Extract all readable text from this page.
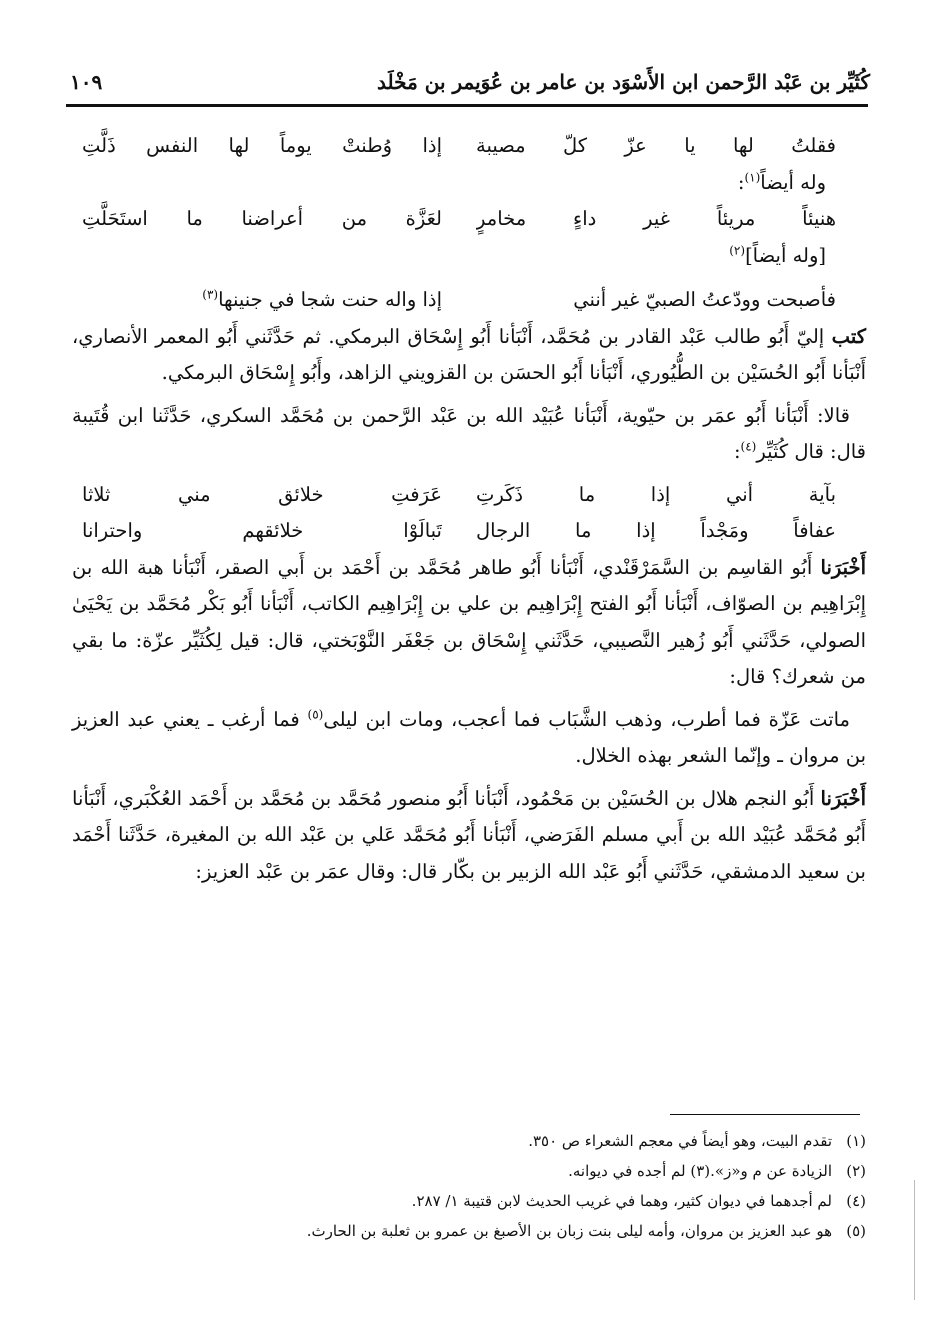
كُثَيِّر بن عَبْد الرَّحمن ابن الأَسْوَد بن عامر بن عُوَيمر بن مَخْلَد
١٠٩
فقلتُ لها يا عزّ كلّ مصيبة
إذا وُطنتْ يوماً لها النفس ذَلَّتِ

وله أيضاً$^{(١)}$:

هنيئاً مريئاً غير داءٍ مخامرٍ
لعَزَّة من أعراضنا ما استَحَلَّتِ

[وله أيضاً]$^{(٢)}$

فأصبحت وودّعتُ الصبيّ غير أنني
إذا واله حنت شجا في جنينها$^{(٣)}$

كتب إليّ أَبُو طالب عَبْد القادر بن مُحَمَّد، أَنْبَأنا أَبُو إِسْحَاق البرمكي. ثم حَدَّثَني أَبُو المعمر الأنصاري، أَنْبَأنا أَبُو الحُسَيْن بن الطُّيُوري، أَنْبَأنا أَبُو الحسَن بن القزويني الزاهد، وأَبُو إِسْحَاق البرمكي.

قالا: أَنْبَأنا أَبُو عمَر بن حيّوية، أَنْبَأنا عُبَيْد الله بن عَبْد الرَّحمن بن مُحَمَّد السكري، حَدَّثَنا ابن قُتَيبة قال: قال كُثَيِّر$^{(٤)}$:

بآية أني إذا ما ذَكَرتِ
عَرَفتِ خلائق مني ثلاثا
عفافاً ومَجْداً إذا ما الرجال
تَبالَوْا خلائقهم واحترانا

أَخْبَرَنا أَبُو القاسِم بن السَّمَرْقَنْدي، أَنْبَأنا أَبُو طاهر مُحَمَّد بن أَحْمَد بن أَبي الصقر، أَنْبَأنا هبة الله بن إِبْرَاهِيم بن الصوّاف، أَنْبَأنا أَبُو الفتح إِبْرَاهِيم بن علي بن إِبْرَاهِيم الكاتب، أَنْبَأنا أَبُو بَكْر مُحَمَّد بن يَحْيَىٰ الصولي، حَدَّثَني أَبُو زُهير النَّصيبي، حَدَّثَني إِسْحَاق بن جَعْفَر النَّوْبَختي، قال: قيل لِكُثَيِّر عزّة: ما بقي من شعرك؟ قال:

ماتت عَزّة فما أطرب، وذهب الشَّبَاب فما أعجب، ومات ابن ليلى$^{(٥)}$ فما أرغب ـ يعني عبد العزيز بن مروان ـ وإنّما الشعر بهذه الخلال.

أَخْبَرَنا أَبُو النجم هلال بن الحُسَيْن بن مَحْمُود، أَنْبَأنا أَبُو منصور مُحَمَّد بن مُحَمَّد بن أَحْمَد العُكْبَري، أَنْبَأنا أَبُو مُحَمَّد عُبَيْد الله بن أَبي مسلم الفَرَضي، أَنْبَأنا أَبُو مُحَمَّد عَلي بن عَبْد الله بن المغيرة، حَدَّثَنا أَحْمَد بن سعيد الدمشقي، حَدَّثَني أَبُو عَبْد الله الزبير بن بكّار قال: وقال عمَر بن عَبْد العزيز:

(١)
تقدم البيت، وهو أيضاً في معجم الشعراء ص ٣٥٠.

(٢)
الزيادة عن م و«ز».
(٣) لم أجده في ديوانه.

(٤)
لم أجدهما في ديوان كثير، وهما في غريب الحديث لابن قتيبة ١/ ٢٨٧.

(٥)
هو عبد العزيز بن مروان، وأمه ليلى بنت زبان بن الأصبغ بن عمرو بن ثعلبة بن الحارث.
